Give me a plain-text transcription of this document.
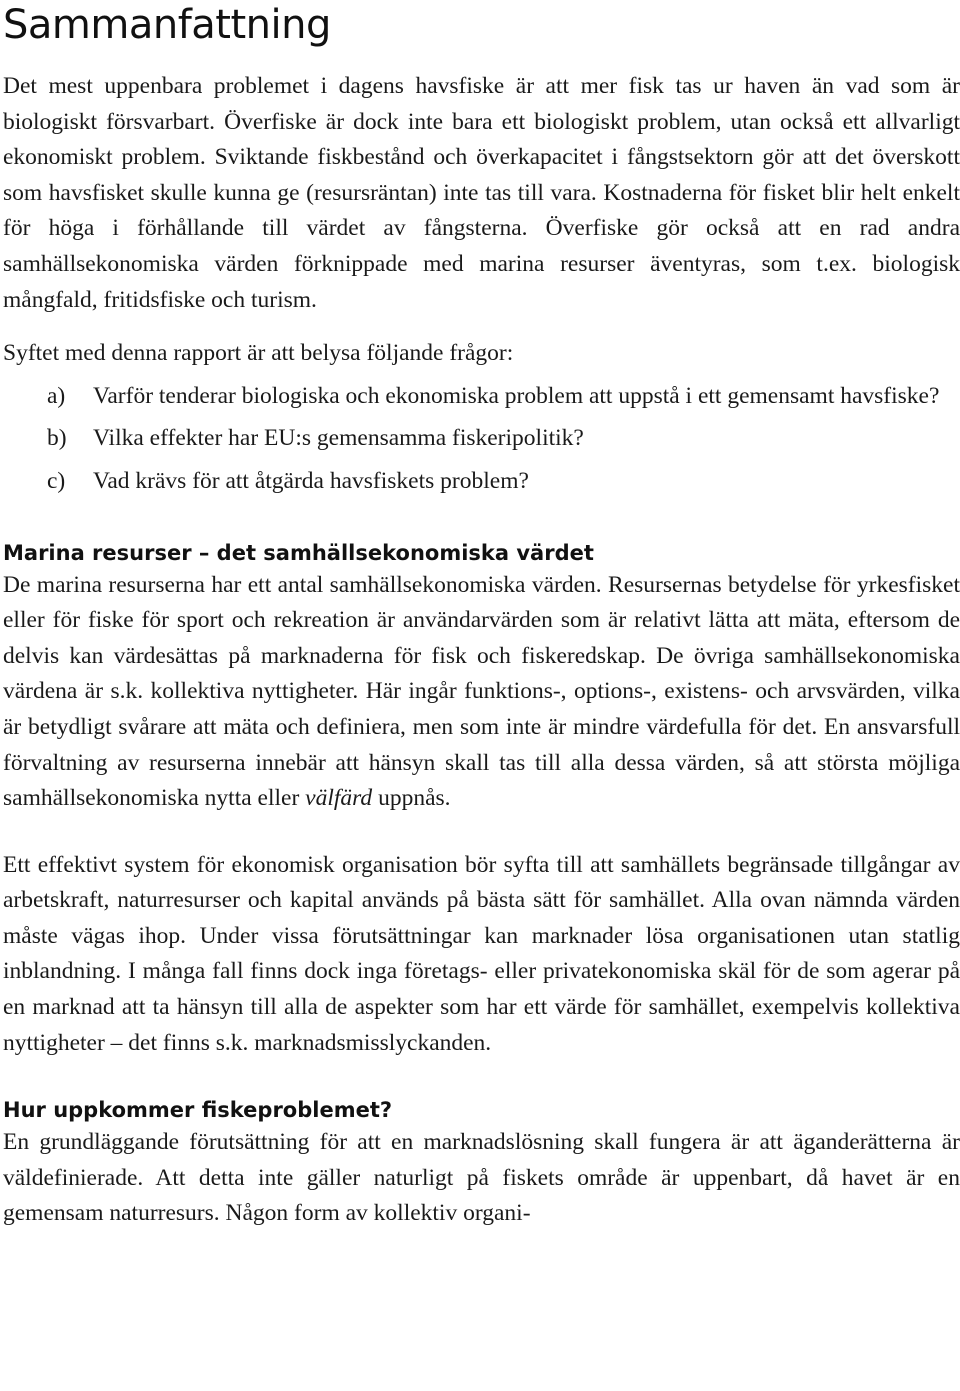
Sammanfattning

Det mest uppenbara problemet i dagens havsfiske är att mer fisk tas ur haven än vad som är biologiskt försvarbart. Överfiske är dock inte bara ett biologiskt problem, utan också ett allvarligt ekonomiskt problem. Sviktande fiskbestånd och överkapacitet i fångstsektorn gör att det överskott som havsfisket skulle kunna ge (resursräntan) inte tas till vara. Kostnaderna för fisket blir helt enkelt för höga i förhållande till värdet av fångsterna. Överfiske gör också att en rad andra samhällsekonomiska värden förknippade med marina resurser äventyras, som t.ex. biologisk mångfald, fritidsfiske och turism.

Syftet med denna rapport är att belysa följande frågor:

a)	Varför tenderar biologiska och ekonomiska problem att uppstå i ett gemensamt havsfiske?
b)	Vilka effekter har EU:s gemensamma fiskeripolitik?
c)	Vad krävs för att åtgärda havsfiskets problem?
Marina resurser – det samhällsekonomiska värdet

De marina resurserna har ett antal samhällsekonomiska värden. Resursernas betydelse för yrkesfisket eller för fiske för sport och rekreation är användarvärden som är relativt lätta att mäta, eftersom de delvis kan värdesättas på marknaderna för fisk och fiskeredskap. De övriga samhällsekonomiska värdena är s.k. kollektiva nyttigheter. Här ingår funktions-, options-, existens- och arvsvärden, vilka är betydligt svårare att mäta och definiera, men som inte är mindre värdefulla för det. En ansvarsfull förvaltning av resurserna innebär att hänsyn skall tas till alla dessa värden, så att största möjliga samhällsekonomiska nytta eller välfärd uppnås.

Ett effektivt system för ekonomisk organisation bör syfta till att samhällets begränsade tillgångar av arbetskraft, naturresurser och kapital används på bästa sätt för samhället. Alla ovan nämnda värden måste vägas ihop. Under vissa förutsättningar kan marknader lösa organisationen utan statlig inblandning. I många fall finns dock inga företags- eller privatekonomiska skäl för de som agerar på en marknad att ta hänsyn till alla de aspekter som har ett värde för samhället, exempelvis kollektiva nyttigheter – det finns s.k. marknadsmisslyckanden.

Hur uppkommer fiskeproblemet?

En grundläggande förutsättning för att en marknadslösning skall fungera är att äganderätterna är väldefinierade. Att detta inte gäller naturligt på fiskets område är uppenbart, då havet är en gemensam naturresurs. Någon form av kollektiv organi-
